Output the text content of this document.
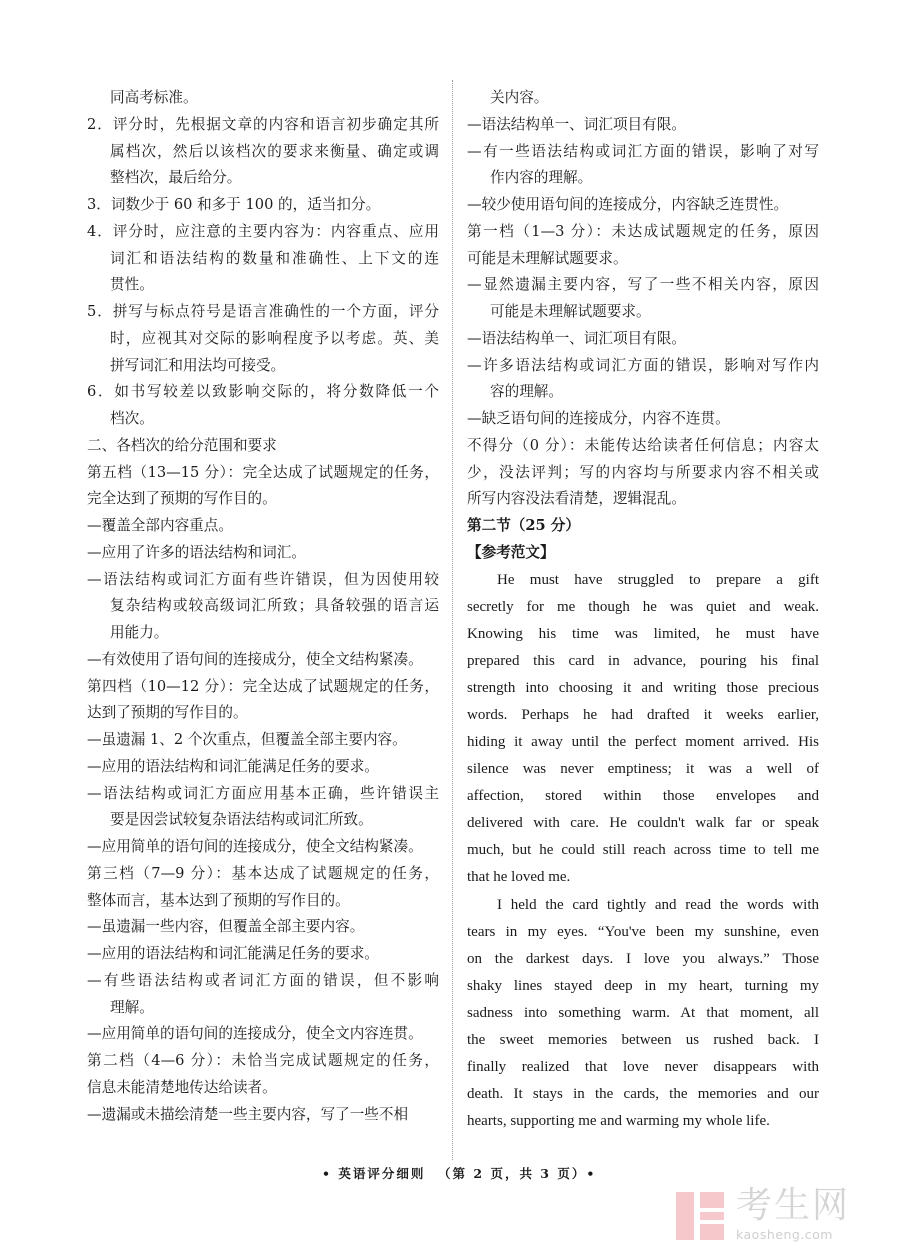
同高考标准。
2．评分时，先根据文章的内容和语言初步确定其所
属档次，然后以该档次的要求来衡量、确定或调
整档次，最后给分。
3．词数少于 60 和多于 100 的，适当扣分。
4．评分时，应注意的主要内容为：内容重点、应用
词汇和语法结构的数量和准确性、上下文的连
贯性。
5．拼写与标点符号是语言准确性的一个方面，评分
时，应视其对交际的影响程度予以考虑。英、美
拼写词汇和用法均可接受。
6．如书写较差以致影响交际的，将分数降低一个
档次。
二、各档次的给分范围和要求
第五档（13—15 分）：完全达成了试题规定的任务，
完全达到了预期的写作目的。
—覆盖全部内容重点。
—应用了许多的语法结构和词汇。
—语法结构或词汇方面有些许错误，但为因使用较
复杂结构或较高级词汇所致；具备较强的语言运
用能力。
—有效使用了语句间的连接成分，使全文结构紧凑。
第四档（10—12 分）：完全达成了试题规定的任务，
达到了预期的写作目的。
—虽遗漏 1、2 个次重点，但覆盖全部主要内容。
—应用的语法结构和词汇能满足任务的要求。
—语法结构或词汇方面应用基本正确，些许错误主
要是因尝试较复杂语法结构或词汇所致。
—应用简单的语句间的连接成分，使全文结构紧凑。
第三档（7—9 分）：基本达成了试题规定的任务，
整体而言，基本达到了预期的写作目的。
—虽遗漏一些内容，但覆盖全部主要内容。
—应用的语法结构和词汇能满足任务的要求。
—有些语法结构或者词汇方面的错误，但不影响
理解。
—应用简单的语句间的连接成分，使全文内容连贯。
第二档（4—6 分）：未恰当完成试题规定的任务，
信息未能清楚地传达给读者。
—遗漏或未描绘清楚一些主要内容，写了一些不相
关内容。
—语法结构单一、词汇项目有限。
—有一些语法结构或词汇方面的错误，影响了对写
作内容的理解。
—较少使用语句间的连接成分，内容缺乏连贯性。
第一档（1—3 分）：未达成试题规定的任务，原因
可能是未理解试题要求。
—显然遗漏主要内容，写了一些不相关内容，原因
可能是未理解试题要求。
—语法结构单一、词汇项目有限。
—许多语法结构或词汇方面的错误，影响对写作内
容的理解。
—缺乏语句间的连接成分，内容不连贯。
不得分（0 分）：未能传达给读者任何信息；内容太
少，没法评判；写的内容均与所要求内容不相关或
所写内容没法看清楚，逻辑混乱。
第二节（25 分）
【参考范文】
He must have struggled to prepare a gift
secretly for me though he was quiet and weak.
Knowing his time was limited, he must have
prepared this card in advance, pouring his final
strength into choosing it and writing those precious
words. Perhaps he had drafted it weeks earlier,
hiding it away until the perfect moment arrived. His
silence was never emptiness; it was a well of
affection, stored within those envelopes and
delivered with care. He couldn't walk far or speak
much, but he could still reach across time to tell me
that he loved me.
I held the card tightly and read the words with
tears in my eyes. “You've been my sunshine, even
on the darkest days. I love you always.” Those
shaky lines stayed deep in my heart, turning my
sadness into something warm. At that moment, all
the sweet memories between us rushed back. I
finally realized that love never disappears with
death. It stays in the cards, the memories and our
hearts, supporting me and warming my whole life.
• 英语评分细则  （第 2 页，共 3 页）•
考生网
kaosheng.com
